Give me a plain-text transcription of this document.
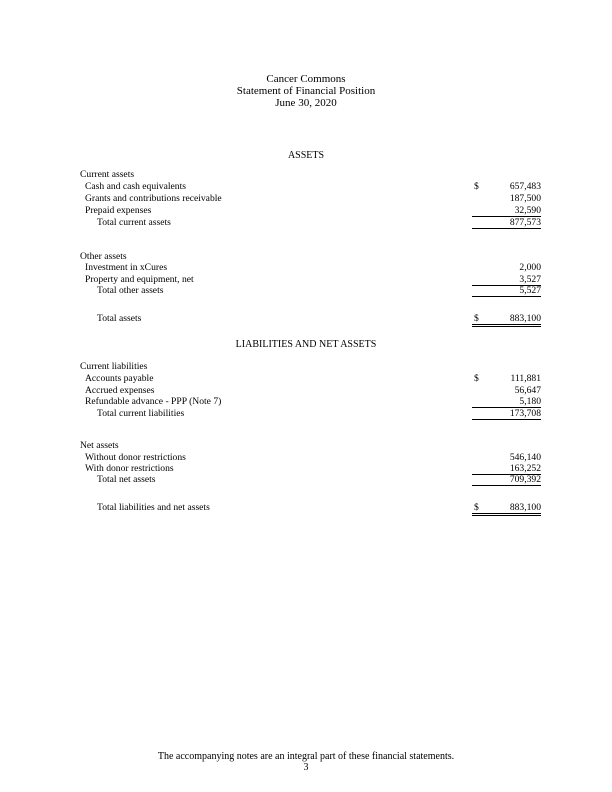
Cancer Commons
Statement of Financial Position
June 30, 2020
ASSETS
Current assets
Cash and cash equivalents	$	657,483
Grants and contributions receivable	187,500
Prepaid expenses	32,590
Total current assets	877,573
Other assets
Investment in xCures	2,000
Property and equipment, net	3,527
Total other assets	5,527
Total assets	$	883,100
LIABILITIES AND NET ASSETS
Current liabilities
Accounts payable	$	111,881
Accrued expenses	56,647
Refundable advance - PPP (Note 7)	5,180
Total current liabilities	173,708
Net assets
Without donor restrictions	546,140
With donor restrictions	163,252
Total net assets	709,392
Total liabilities and net assets	$	883,100
The accompanying notes are an integral part of these financial statements.
3
